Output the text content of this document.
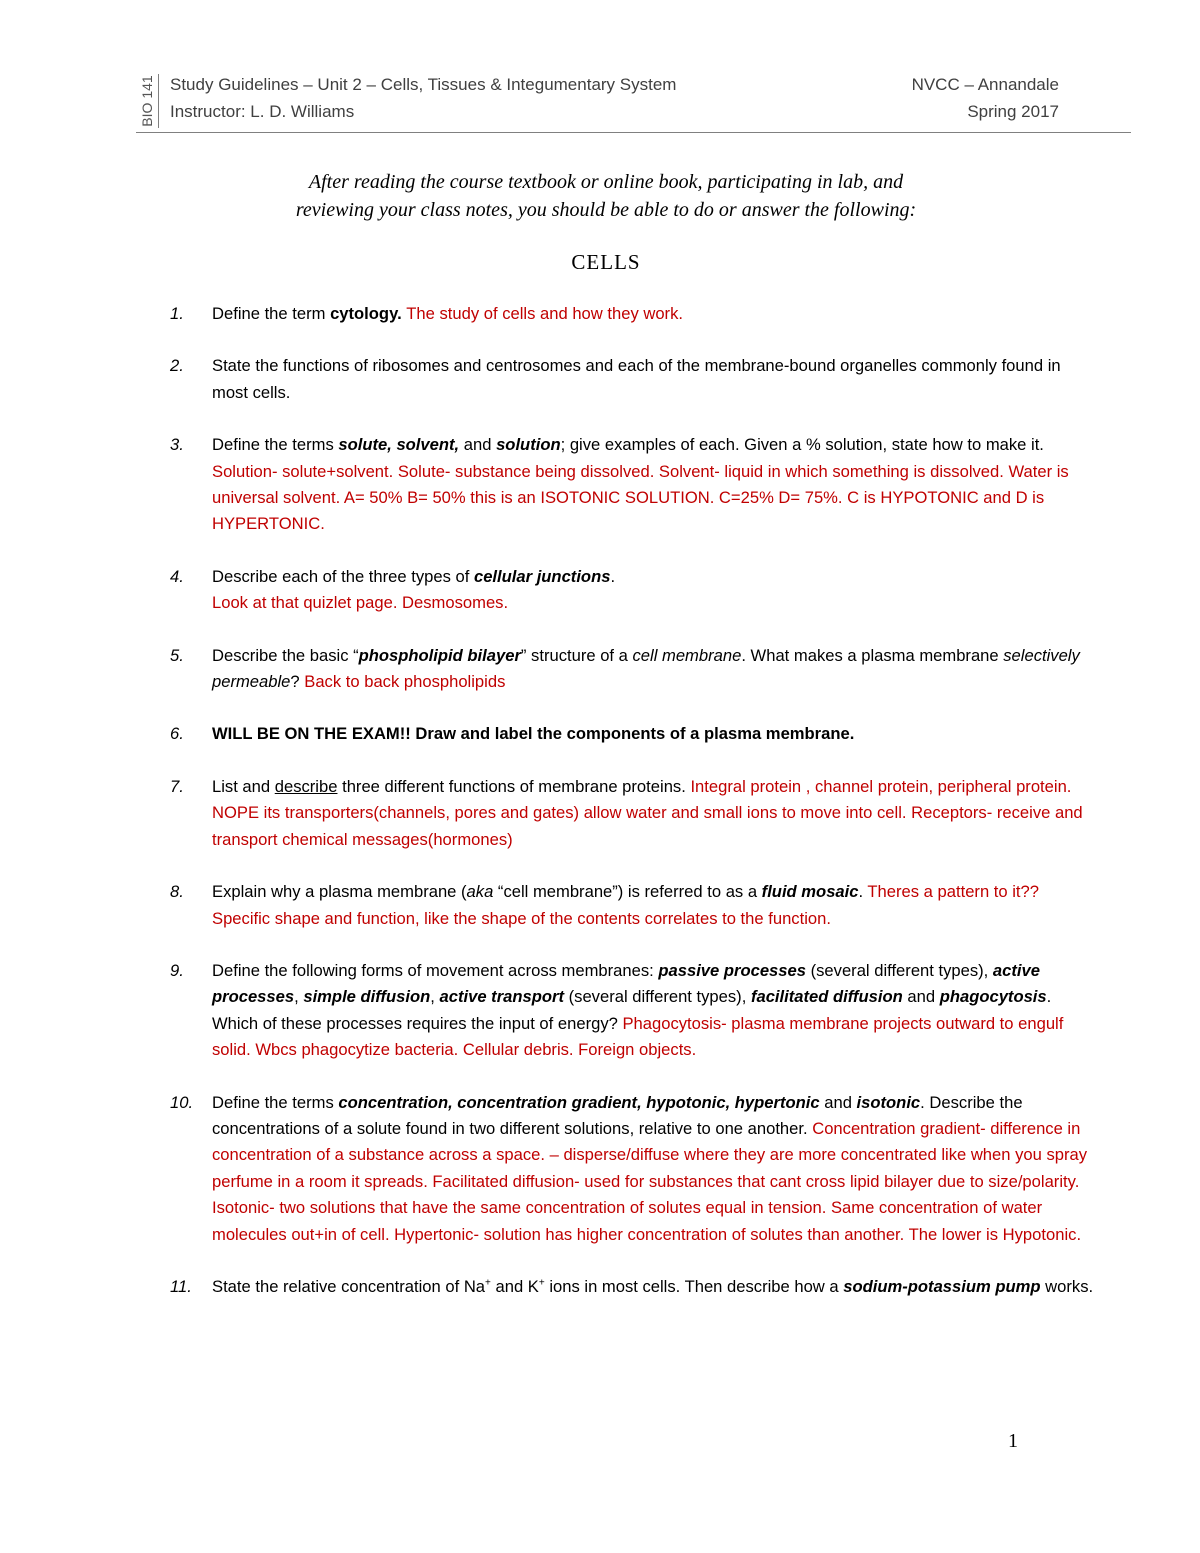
BIO 141 Study Guidelines – Unit 2 – Cells, Tissues & Integumentary System	NVCC – Annandale
Instructor: L. D. Williams	Spring 2017
After reading the course textbook or online book, participating in lab, and
reviewing your class notes, you should be able to do or answer the following:
CELLS
1. Define the term cytology. The study of cells and how they work.
2. State the functions of ribosomes and centrosomes and each of the membrane-bound organelles commonly found in most cells.
3. Define the terms solute, solvent, and solution; give examples of each. Given a % solution, state how to make it. Solution- solute+solvent. Solute- substance being dissolved. Solvent- liquid in which something is dissolved. Water is universal solvent. A= 50% B= 50% this is an ISOTONIC SOLUTION. C=25% D= 75%. C is HYPOTONIC and D is HYPERTONIC.
4. Describe each of the three types of cellular junctions.
Look at that quizlet page. Desmosomes.
5. Describe the basic “phospholipid bilayer” structure of a cell membrane. What makes a plasma membrane selectively permeable? Back to back phospholipids
6. WILL BE ON THE EXAM!! Draw and label the components of a plasma membrane.
7. List and describe three different functions of membrane proteins. Integral protein , channel protein, peripheral protein. NOPE its transporters(channels, pores and gates) allow water and small ions to move into cell. Receptors- receive and transport chemical messages(hormones)
8. Explain why a plasma membrane (aka “cell membrane”) is referred to as a fluid mosaic. Theres a pattern to it?? Specific shape and function, like the shape of the contents correlates to the function.
9. Define the following forms of movement across membranes: passive processes (several different types), active processes, simple diffusion, active transport (several different types), facilitated diffusion and phagocytosis. Which of these processes requires the input of energy? Phagocytosis- plasma membrane projects outward to engulf solid. Wbcs phagocytize bacteria. Cellular debris. Foreign objects.
10. Define the terms concentration, concentration gradient, hypotonic, hypertonic and isotonic. Describe the concentrations of a solute found in two different solutions, relative to one another. Concentration gradient- difference in concentration of a substance across a space. – disperse/diffuse where they are more concentrated like when you spray perfume in a room it spreads. Facilitated diffusion- used for substances that cant cross lipid bilayer due to size/polarity. Isotonic- two solutions that have the same concentration of solutes equal in tension. Same concentration of water molecules out+in of cell. Hypertonic- solution has higher concentration of solutes than another. The lower is Hypotonic.
11. State the relative concentration of Na+ and K+ ions in most cells. Then describe how a sodium-potassium pump works.
1
